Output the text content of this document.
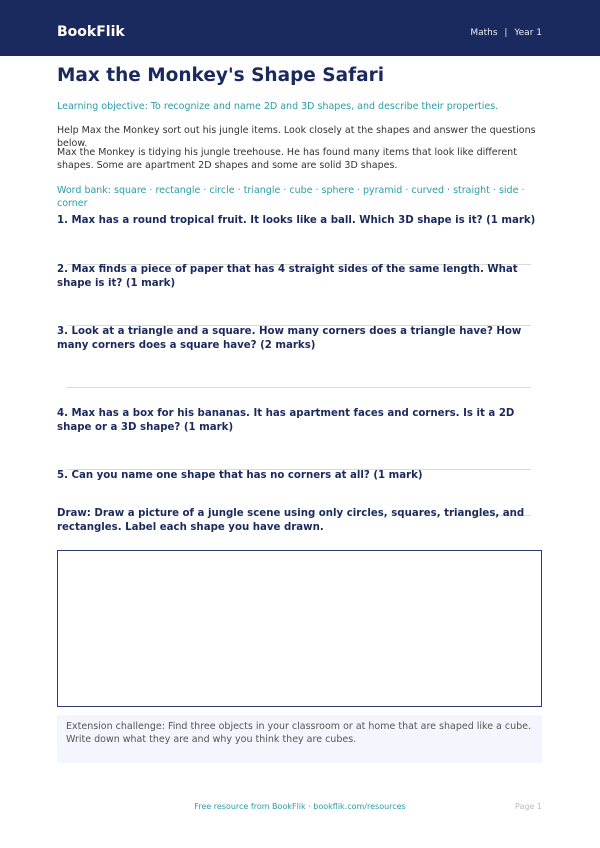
BookFlik	Maths | Year 1
Max the Monkey's Shape Safari
Learning objective: To recognize and name 2D and 3D shapes, and describe their properties.
Help Max the Monkey sort out his jungle items. Look closely at the shapes and answer the questions below.
Max the Monkey is tidying his jungle treehouse. He has found many items that look like different shapes. Some are apartment 2D shapes and some are solid 3D shapes.
Word bank: square · rectangle · circle · triangle · cube · sphere · pyramid · curved · straight · side · corner
1. Max has a round tropical fruit. It looks like a ball. Which 3D shape is it? (1 mark)
2. Max finds a piece of paper that has 4 straight sides of the same length. What shape is it? (1 mark)
3. Look at a triangle and a square. How many corners does a triangle have? How many corners does a square have? (2 marks)
4. Max has a box for his bananas. It has apartment faces and corners. Is it a 2D shape or a 3D shape? (1 mark)
5. Can you name one shape that has no corners at all? (1 mark)
Draw: Draw a picture of a jungle scene using only circles, squares, triangles, and rectangles. Label each shape you have drawn.
Extension challenge: Find three objects in your classroom or at home that are shaped like a cube. Write down what they are and why you think they are cubes.
Free resource from BookFlik · bookflik.com/resources	Page 1
